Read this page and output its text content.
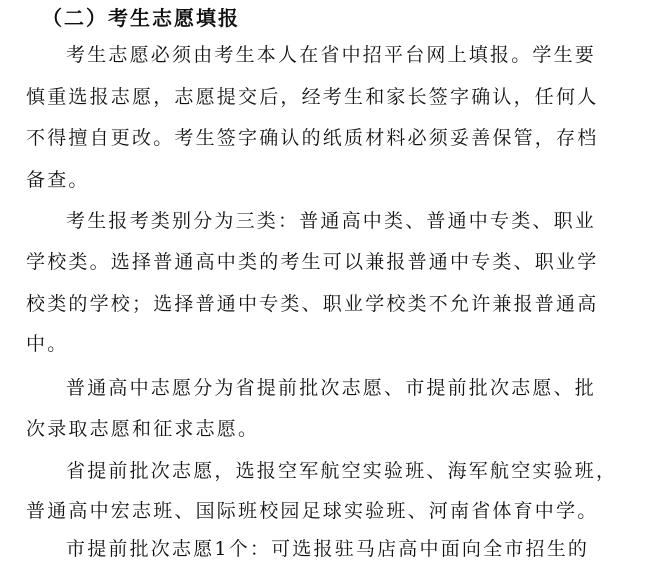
（二）考生志愿填报
考生志愿必须由考生本人在省中招平台网上填报。学生要
慎重选报志愿，志愿提交后，经考生和家长签字确认，任何人
不得擅自更改。考生签字确认的纸质材料必须妥善保管，存档
备查。
考生报考类别分为三类：普通高中类、普通中专类、职业
学校类。选择普通高中类的考生可以兼报普通中专类、职业学
校类的学校；选择普通中专类、职业学校类不允许兼报普通高
中。
普通高中志愿分为省提前批次志愿、市提前批次志愿、批
次录取志愿和征求志愿。
省提前批次志愿，选报空军航空实验班、海军航空实验班，
普通高中宏志班、国际班校园足球实验班、河南省体育中学。
市提前批次志愿1个：可选报驻马店高中面向全市招生的
